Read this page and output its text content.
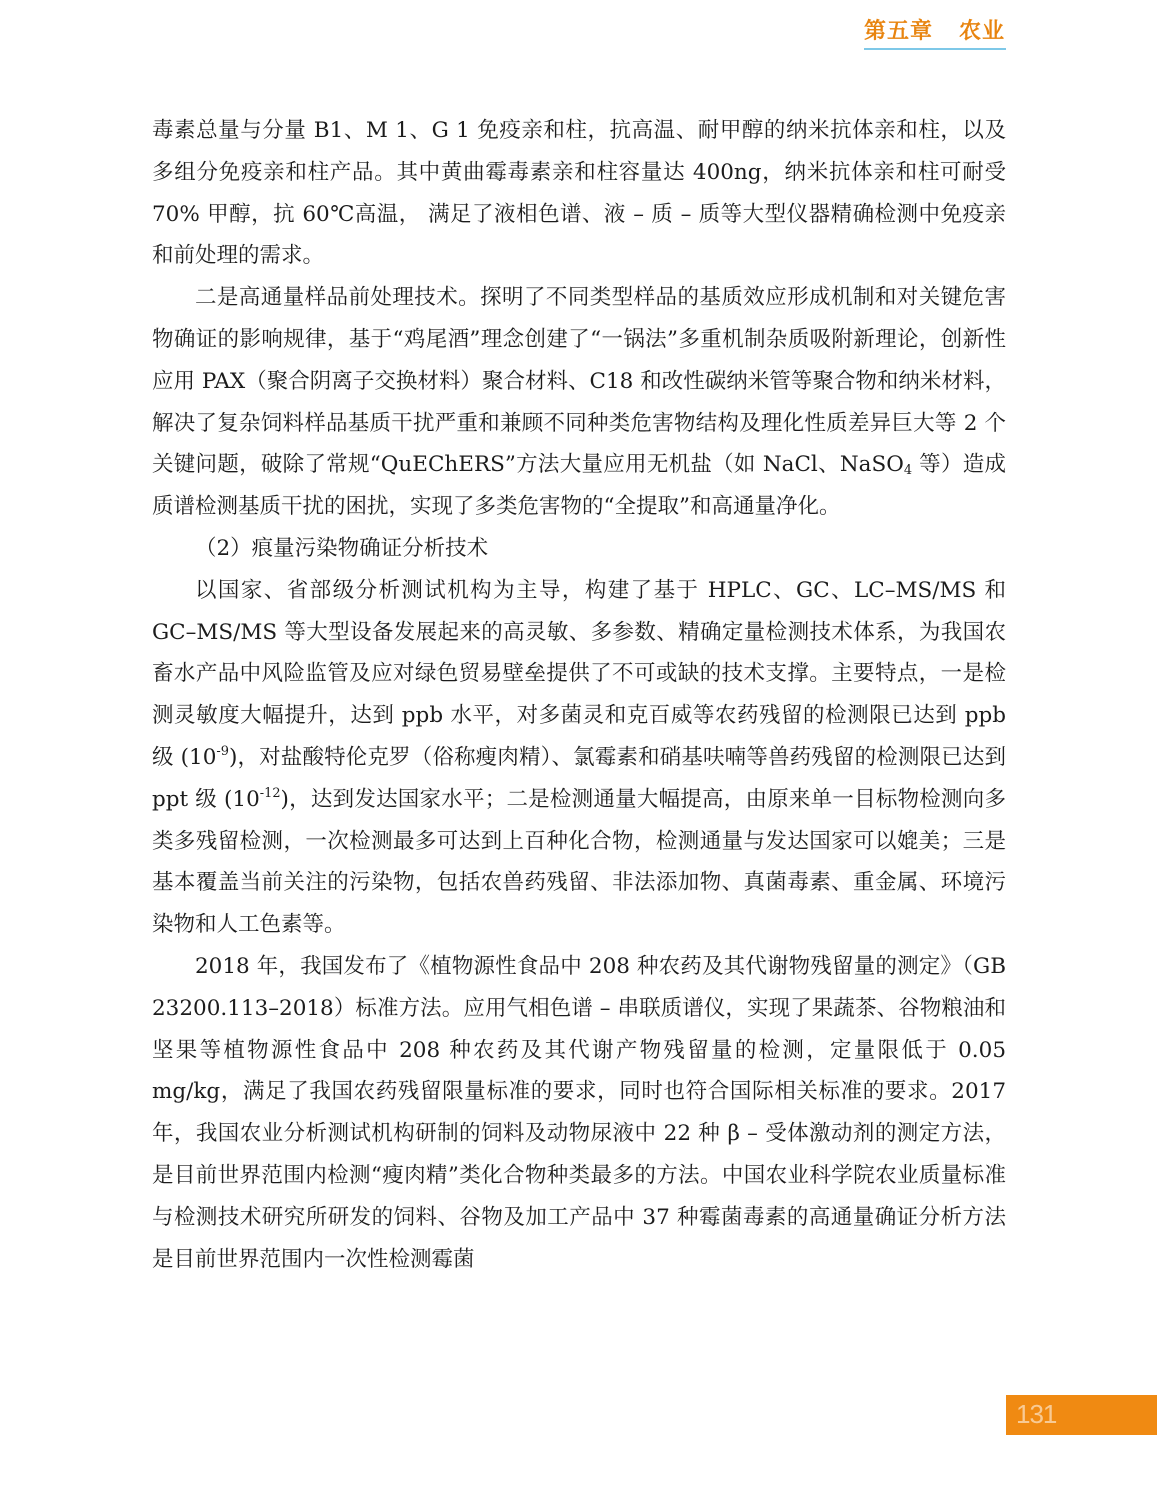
第五章 农业

毒素总量与分量 B1、M 1、G 1 免疫亲和柱，抗高温、耐甲醇的纳米抗体亲和柱，以及多组分免疫亲和柱产品。其中黄曲霉毒素亲和柱容量达 400ng，纳米抗体亲和柱可耐受 70% 甲醇，抗 60℃高温， 满足了液相色谱、液 – 质 – 质等大型仪器精确检测中免疫亲和前处理的需求。

二是高通量样品前处理技术。探明了不同类型样品的基质效应形成机制和对关键危害物确证的影响规律，基于“鸡尾酒”理念创建了“一锅法”多重机制杂质吸附新理论，创新性应用 PAX（聚合阴离子交换材料）聚合材料、C18 和改性碳纳米管等聚合物和纳米材料，解决了复杂饲料样品基质干扰严重和兼顾不同种类危害物结构及理化性质差异巨大等 2 个关键问题，破除了常规“QuEChERS”方法大量应用无机盐（如 NaCl、NaSO$_4$ 等）造成质谱检测基质干扰的困扰，实现了多类危害物的“全提取”和高通量净化。

（2）痕量污染物确证分析技术

以国家、省部级分析测试机构为主导，构建了基于 HPLC、GC、LC–MS/MS 和 GC–MS/MS 等大型设备发展起来的高灵敏、多参数、精确定量检测技术体系，为我国农畜水产品中风险监管及应对绿色贸易壁垒提供了不可或缺的技术支撑。主要特点，一是检测灵敏度大幅提升，达到 ppb 水平，对多菌灵和克百威等农药残留的检测限已达到 ppb 级 $(10^{-9})$，对盐酸特伦克罗（俗称瘦肉精）、氯霉素和硝基呋喃等兽药残留的检测限已达到 ppt 级 $(10^{-12})$，达到发达国家水平；二是检测通量大幅提高，由原来单一目标物检测向多类多残留检测，一次检测最多可达到上百种化合物，检测通量与发达国家可以媲美；三是基本覆盖当前关注的污染物，包括农兽药残留、非法添加物、真菌毒素、重金属、环境污染物和人工色素等。

2018 年，我国发布了《植物源性食品中 208 种农药及其代谢物残留量的测定》（GB 23200.113–2018）标准方法。应用气相色谱 – 串联质谱仪，实现了果蔬茶、谷物粮油和坚果等植物源性食品中 208 种农药及其代谢产物残留量的检测，定量限低于 0.05 mg/kg，满足了我国农药残留限量标准的要求，同时也符合国际相关标准的要求。2017 年，我国农业分析测试机构研制的饲料及动物尿液中 22 种 β – 受体激动剂的测定方法，是目前世界范围内检测“瘦肉精”类化合物种类最多的方法。中国农业科学院农业质量标准与检测技术研究所研发的饲料、谷物及加工产品中 37 种霉菌毒素的高通量确证分析方法是目前世界范围内一次性检测霉菌

131
